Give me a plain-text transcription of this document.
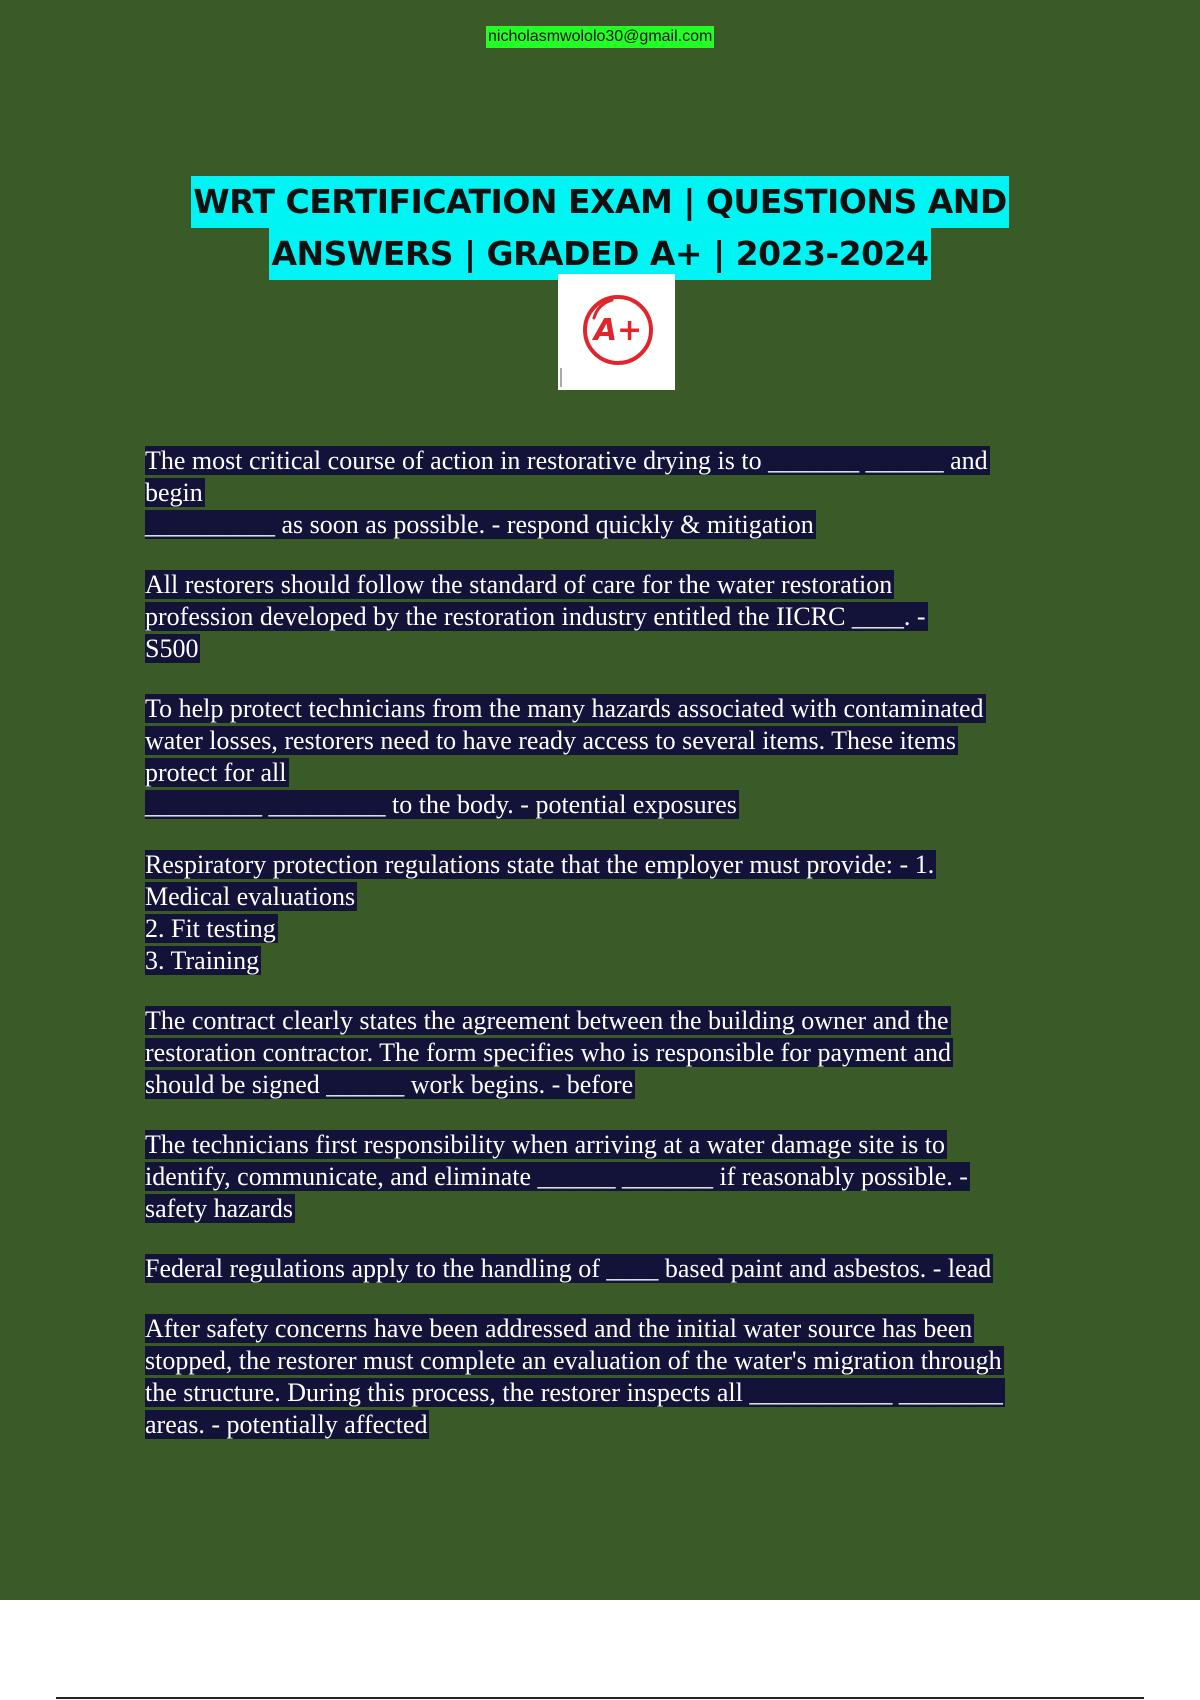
nicholasmwololo30@gmail.com
WRT CERTIFICATION EXAM | QUESTIONS AND
ANSWERS | GRADED A+ | 2023-2024
A+
The most critical course of action in restorative drying is to _______ ______ and
begin
__________ as soon as possible. - respond quickly & mitigation
All restorers should follow the standard of care for the water restoration
profession developed by the restoration industry entitled the IICRC ____. -
S500
To help protect technicians from the many hazards associated with contaminated
water losses, restorers need to have ready access to several items. These items
protect for all
_________ _________ to the body. - potential exposures
Respiratory protection regulations state that the employer must provide: - 1.
Medical evaluations
2. Fit testing
3. Training
The contract clearly states the agreement between the building owner and the
restoration contractor. The form specifies who is responsible for payment and
should be signed ______ work begins. - before
The technicians first responsibility when arriving at a water damage site is to
identify, communicate, and eliminate ______ _______ if reasonably possible. -
safety hazards
Federal regulations apply to the handling of ____ based paint and asbestos. - lead
After safety concerns have been addressed and the initial water source has been
stopped, the restorer must complete an evaluation of the water's migration through
the structure. During this process, the restorer inspects all ___________ ________
areas. - potentially affected
